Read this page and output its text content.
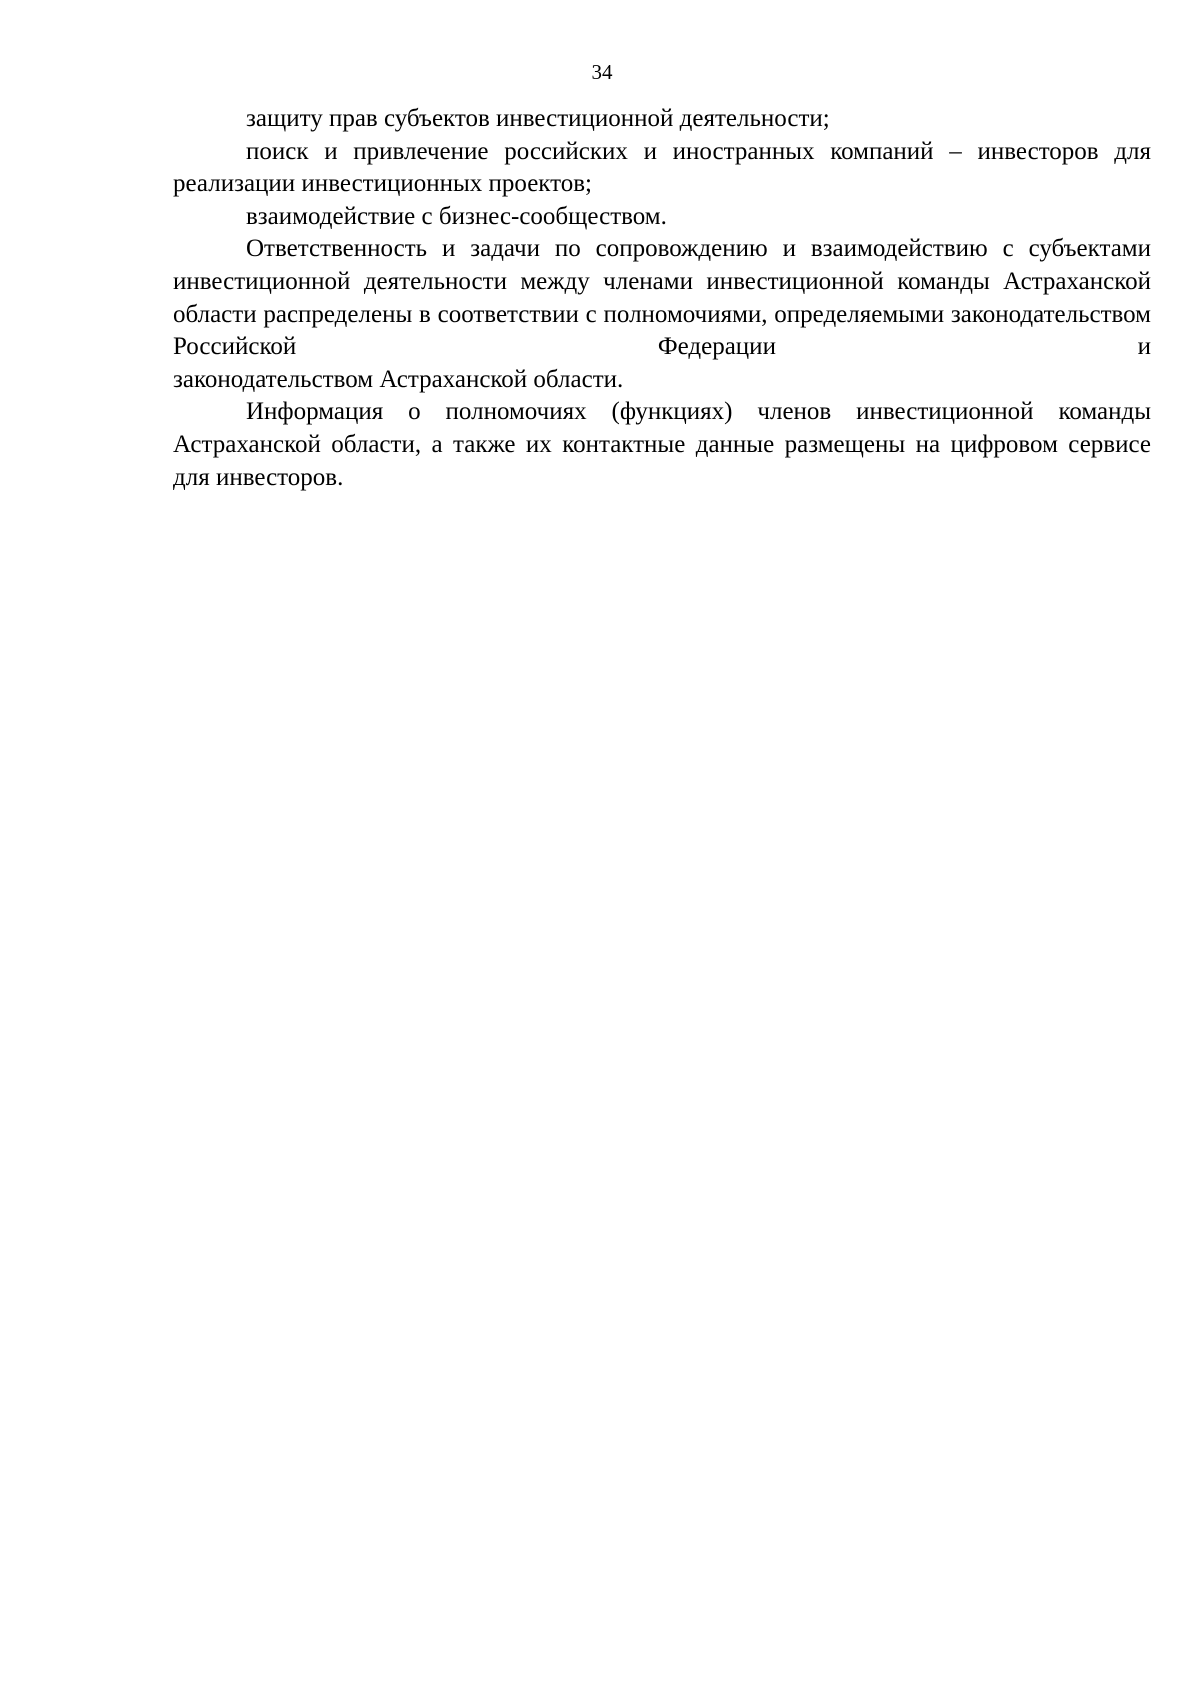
34

защиту прав субъектов инвестиционной деятельности;

поиск и привлечение российских и иностранных компаний – инвесторов для реализации инвестиционных проектов;

взаимодействие с бизнес-сообществом.

Ответственность и задачи по сопровождению и взаимодействию с субъектами инвестиционной деятельности между членами инвестиционной команды Астраханской области распределены в соответствии с полномочиями, определяемыми законодательством Российской Федерации и

законодательством Астраханской области.

Информация о полномочиях (функциях) членов инвестиционной команды Астраханской области, а также их контактные данные размещены на цифровом сервисе для инвесторов.
